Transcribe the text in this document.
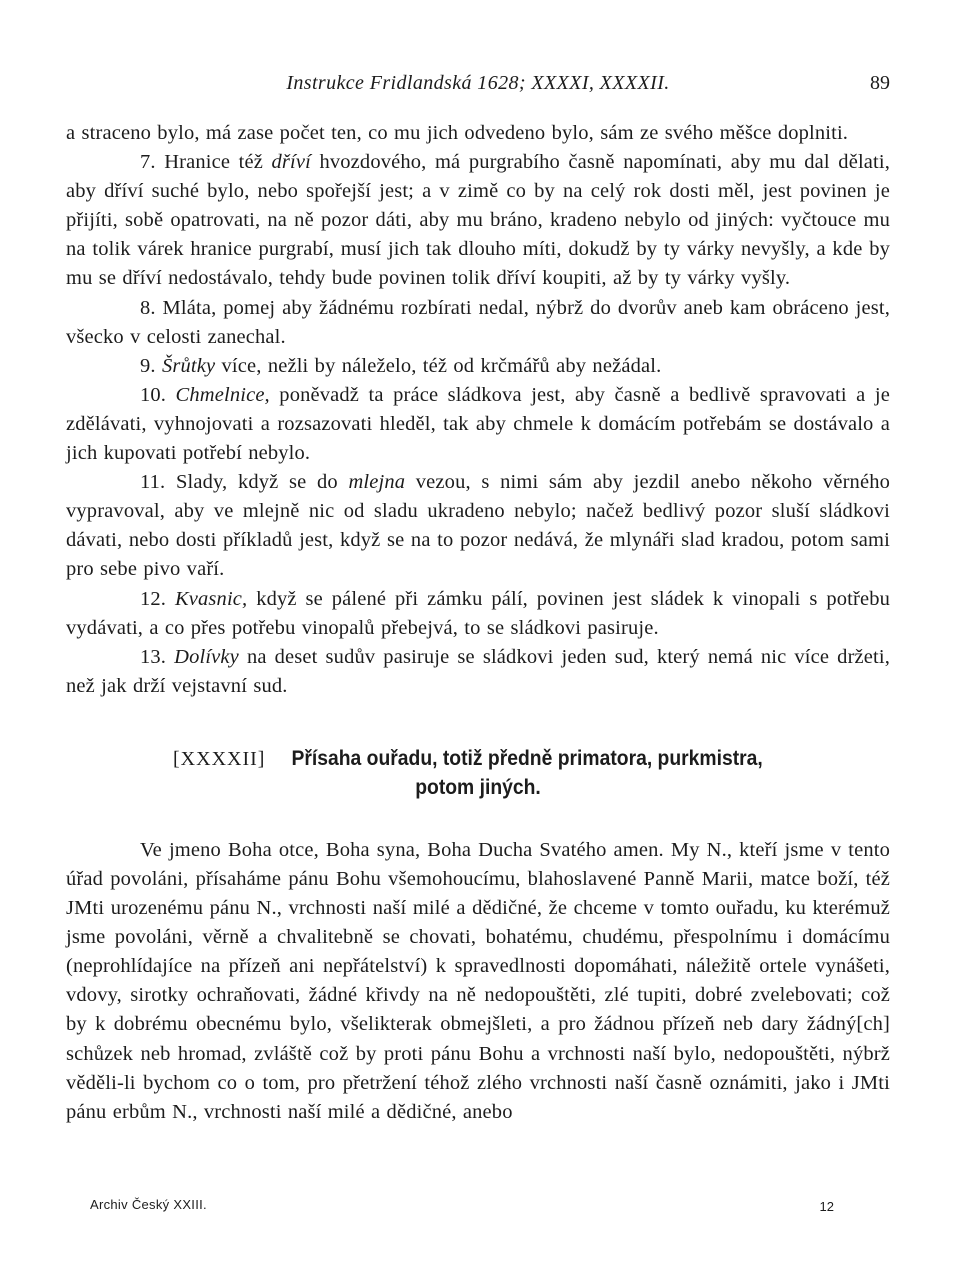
Instrukce Fridlandská 1628; XXXXI, XXXXII.	89

a straceno bylo, má zase počet ten, co mu jich odvedeno bylo, sám ze svého měšce doplniti.

7. Hranice též dříví hvozdového, má purgrabího časně napomínati, aby mu dal dělati, aby dříví suché bylo, nebo spořejší jest; a v zimě co by na celý rok dosti měl, jest povinen je přijíti, sobě opatrovati, na ně pozor dáti, aby mu bráno, kradeno nebylo od jiných: vyčtouce mu na tolik várek hranice purgrabí, musí jich tak dlouho míti, dokudž by ty várky nevyšly, a kde by mu se dříví nedostávalo, tehdy bude povinen tolik dříví koupiti, až by ty várky vyšly.

8. Mláta, pomej aby žádnému rozbírati nedal, nýbrž do dvorův aneb kam obráceno jest, všecko v celosti zanechal.

9. Šrůtky více, nežli by náleželo, též od krčmářů aby nežádal.

10. Chmelnice, poněvadž ta práce sládkova jest, aby časně a bedlivě spravovati a je zdělávati, vyhnojovati a rozsazovati hleděl, tak aby chmele k domácím potřebám se dostávalo a jich kupovati potřebí nebylo.

11. Slady, když se do mlejna vezou, s nimi sám aby jezdil anebo někoho věrného vypravoval, aby ve mlejně nic od sladu ukradeno nebylo; načež bedlivý pozor sluší sládkovi dávati, nebo dosti příkladů jest, když se na to pozor nedává, že mlynáři slad kradou, potom sami pro sebe pivo vaří.

12. Kvasnic, když se pálené při zámku pálí, povinen jest sládek k vinopali s potřebu vydávati, a co přes potřebu vinopalů přebejvá, to se sládkovi pasiruje.

13. Dolívky na deset sudův pasiruje se sládkovi jeden sud, který nemá nic více držeti, než jak drží vejstavní sud.

[XXXXII] Přísaha ouřadu, totiž předně primatora, purkmistra,
potom jiných.

Ve jmeno Boha otce, Boha syna, Boha Ducha Svatého amen. My N., kteří jsme v tento úřad povoláni, přísaháme pánu Bohu všemohoucímu, blahoslavené Panně Marii, matce boží, též JMti urozenému pánu N., vrchnosti naší milé a dědičné, že chceme v tomto ouřadu, ku kterémuž jsme povoláni, věrně a chvalitebně se chovati, bohatému, chudému, přespolnímu i domácímu (neprohlídajíce na přízeň ani nepřátelství) k spravedlnosti dopomáhati, náležitě ortele vynášeti, vdovy, sirotky ochraňovati, žádné křivdy na ně nedopouštěti, zlé tupiti, dobré zvelebovati; což by k dobrému obecnému bylo, všelikterak obmejšleti, a pro žádnou přízeň neb dary žádný[ch] schůzek neb hromad, zvláště což by proti pánu Bohu a vrchnosti naší bylo, nedopouštěti, nýbrž věděli-li bychom co o tom, pro přetržení téhož zlého vrchnosti naší časně oznámiti, jako i JMti pánu erbům N., vrchnosti naší milé a dědičné, anebo

Archiv Český XXIII.	12
